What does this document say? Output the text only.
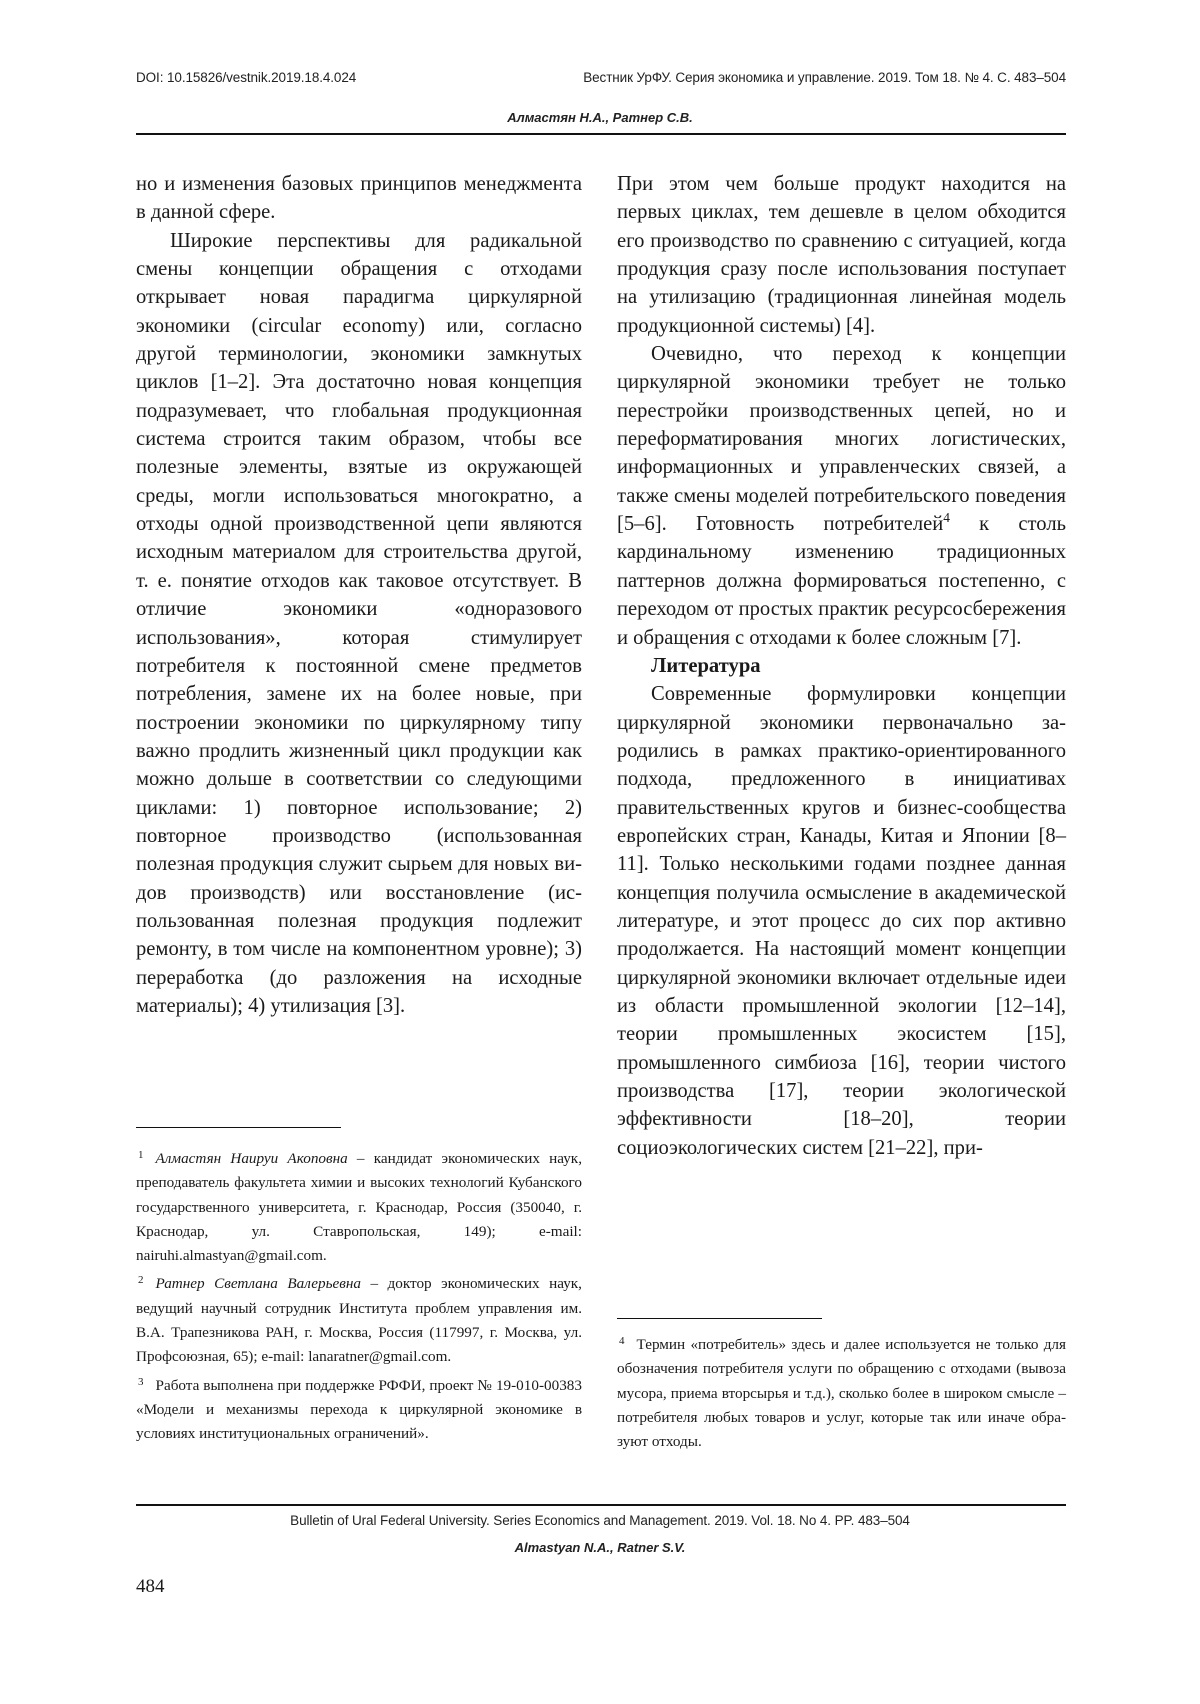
DOI: 10.15826/vestnik.2019.18.4.024	Вестник УрФУ. Серия экономика и управление. 2019. Том 18. № 4. С. 483–504
Алмастян Н.А., Ратнер С.В.

но и изменения базовых принципов менеджмента в данной сфере.

Широкие перспективы для радикальной смены концепции обращения с отходами открывает новая парадигма циркулярной экономики (circular economy) или, согласно другой терминологии, экономики замкнутых циклов [1–2]. Эта достаточно новая концепция подразумевает, что глобальная продукционная система строится таким образом, чтобы все полезные элементы, взятые из окружающей среды, могли использоваться многократно, а отходы одной производственной цепи являются исходным материалом для строительства другой, т. е. понятие отходов как таковое отсутствует. В отличие экономики «одноразового использования», которая стимулирует потребителя к постоянной смене предметов потребления, замене их на более новые, при построении экономики по циркулярному типу важно продлить жизненный цикл продукции как можно дольше в соответствии со следующими циклами: 1) повторное использование; 2) повторное производство (использованная полезная продукция служит сырьем для новых видов производств) или восстановление (использованная полезная продукция подлежит ремонту, в том числе на компонентном уровне); 3) переработка (до разложения на исходные материалы); 4) утилизация [3].

При этом чем больше продукт находится на первых циклах, тем дешевле в целом обходится его производство по сравнению с ситуацией, когда продукция сразу после использования поступает на утилизацию (традиционная линейная модель продукционной системы) [4].

Очевидно, что переход к концепции циркулярной экономики требует не только перестройки производственных цепей, но и переформатирования многих логистических, информационных и управленческих связей, а также смены моделей потребительского поведения [5–6]. Готовность потребителей$^4$ к столь кардинальному изменению традиционных паттернов должна формироваться постепенно, с переходом от простых практик ресурсосбережения и обращения с отходами к более сложным [7].

Литература

Современные формулировки концепции циркулярной экономики первоначально зародились в рамках практико-ориентированного подхода, предложенного в инициативах правительственных кругов и бизнес-сообщества европейских стран, Канады, Китая и Японии [8–11]. Только несколькими годами позднее данная концепция получила осмысление в академической литературе, и этот процесс до сих пор активно продолжается. На настоящий момент концепции циркулярной экономики включает отдельные идеи из области промышленной экологии [12–14], теории промышленных экосистем [15], промышленного симбиоза [16], теории чистого производства [17], теории экологической эффективности [18–20], теории социоэкологических систем [21–22], при-

$^1$ Алмастян Наируи Акоповна – кандидат экономических наук, преподаватель факультета химии и высоких технологий Кубанского государственного университета, г. Краснодар, Россия (350040, г. Краснодар, ул. Ставропольская, 149); e-mail: nairuhi.almastyan@gmail.com.

$^2$ Ратнер Светлана Валерьевна – доктор экономических наук, ведущий научный сотрудник Института проблем управления им. В.А. Трапезникова РАН, г. Москва, Россия (117997, г. Москва, ул. Профсоюзная, 65); e-mail: lanaratner@gmail.com.

$^3$ Работа выполнена при поддержке РФФИ, проект № 19-010-00383 «Модели и механизмы перехода к циркулярной экономике в условиях институциональных ограничений».

$^4$ Термин «потребитель» здесь и далее используется не только для обозначения потребителя услуги по обращению с отходами (вывоза мусора, приема вторсырья и т.д.), сколько более в широком смысле – потребителя любых товаров и услуг, которые так или иначе образуют отходы.

Bulletin of Ural Federal University. Series Economics and Management. 2019. Vol. 18. No 4. PP. 483–504
Almastyan N.A., Ratner S.V.
484
